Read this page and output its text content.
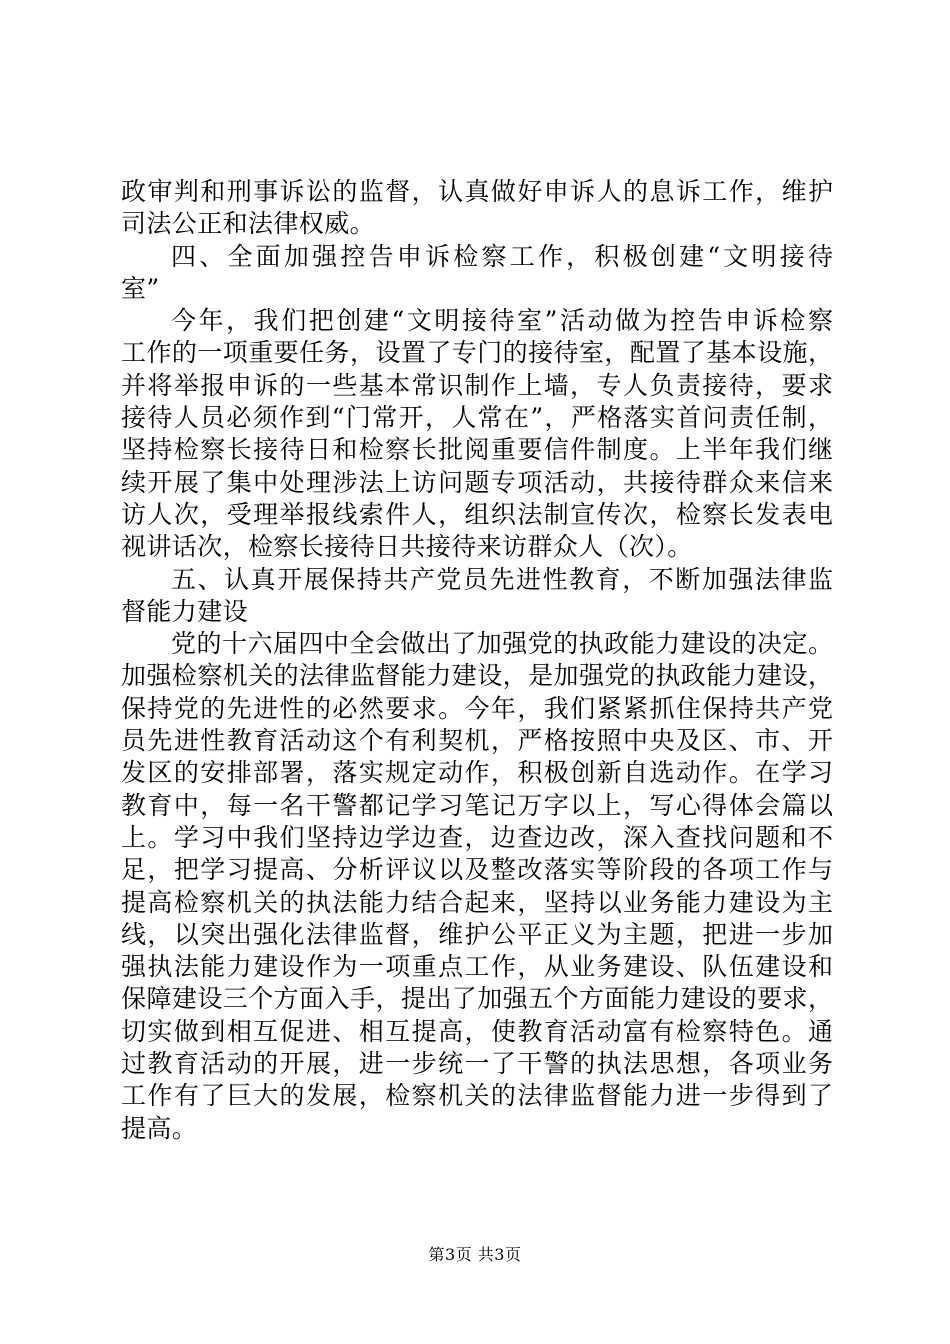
政审判和刑事诉讼的监督，认真做好申诉人的息诉工作，维护
司法公正和法律权威。
四、全面加强控告申诉检察工作，积极创建“文明接待
室”
今年，我们把创建“文明接待室”活动做为控告申诉检察
工作的一项重要任务，设置了专门的接待室，配置了基本设施，
并将举报申诉的一些基本常识制作上墙，专人负责接待，要求
接待人员必须作到“门常开，人常在”，严格落实首问责任制，
坚持检察长接待日和检察长批阅重要信件制度。上半年我们继
续开展了集中处理涉法上访问题专项活动，共接待群众来信来
访人次，受理举报线索件人，组织法制宣传次，检察长发表电
视讲话次，检察长接待日共接待来访群众人（次）。
五、认真开展保持共产党员先进性教育，不断加强法律监
督能力建设
党的十六届四中全会做出了加强党的执政能力建设的决定。
加强检察机关的法律监督能力建设，是加强党的执政能力建设，
保持党的先进性的必然要求。今年，我们紧紧抓住保持共产党
员先进性教育活动这个有利契机，严格按照中央及区、市、开
发区的安排部署，落实规定动作，积极创新自选动作。在学习
教育中，每一名干警都记学习笔记万字以上，写心得体会篇以
上。学习中我们坚持边学边查，边查边改，深入查找问题和不
足，把学习提高、分析评议以及整改落实等阶段的各项工作与
提高检察机关的执法能力结合起来，坚持以业务能力建设为主
线，以突出强化法律监督，维护公平正义为主题，把进一步加
强执法能力建设作为一项重点工作，从业务建设、队伍建设和
保障建设三个方面入手，提出了加强五个方面能力建设的要求，
切实做到相互促进、相互提高，使教育活动富有检察特色。通
过教育活动的开展，进一步统一了干警的执法思想，各项业务
工作有了巨大的发展，检察机关的法律监督能力进一步得到了
提高。
第3页 共3页
